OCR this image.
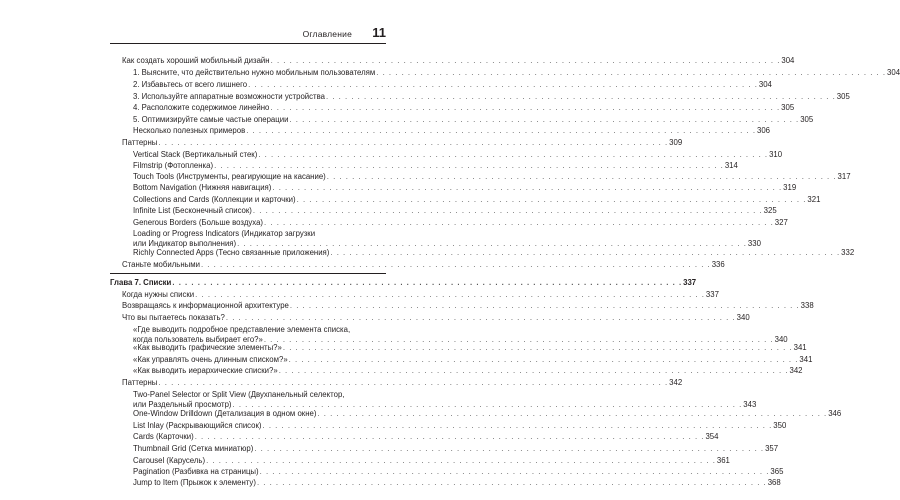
Оглавление 11
Как создать хороший мобильный дизайн . . .	304
1. Выясните, что действительно нужно мобильным пользователям . . .	304
2. Избавьтесь от всего лишнего . . .	304
3. Используйте аппаратные возможности устройства . . .	305
4. Расположите содержимое линейно . . .	305
5. Оптимизируйте самые частые операции . . .	305
Несколько полезных примеров . . .	306
Паттерны . . .	309
Vertical Stack (Вертикальный стек) . . .	310
Filmstrip (Фотопленка) . . .	314
Touch Tools (Инструменты, реагирующие на касание) . . .	317
Bottom Navigation (Нижняя навигация) . . .	319
Collections and Cards (Коллекции и карточки) . . .	321
Infinite List (Бесконечный список) . . .	325
Generous Borders (Больше воздуха) . . .	327
Loading or Progress Indicators (Индикатор загрузки
или Индикатор выполнения) . . .	330
Richly Connected Apps (Тесно связанные приложения) . . .	332
Станьте мобильными . . .	336
Глава 7. Списки . . .	337
Когда нужны списки . . .	337
Возвращаясь к информационной архитектуре . . .	338
Что вы пытаетесь показать? . . .	340
«Где выводить подробное представление элемента списка,
когда пользователь выбирает его?» . . .	340
«Как выводить графические элементы?» . . .	341
«Как управлять очень длинным списком?» . . .	341
«Как выводить иерархические списки?» . . .	342
Паттерны . . .	342
Two-Panel Selector or Split View (Двухпанельный селектор,
или Раздельный просмотр) . . .	343
One-Window Drilldown (Детализация в одном окне) . . .	346
List Inlay (Раскрывающийся список) . . .	350
Cards (Карточки) . . .	354
Thumbnail Grid (Сетка миниатюр) . . .	357
Carousel (Карусель) . . .	361
Pagination (Разбивка на страницы) . . .	365
Jump to Item (Прыжок к элементу) . . .	368
